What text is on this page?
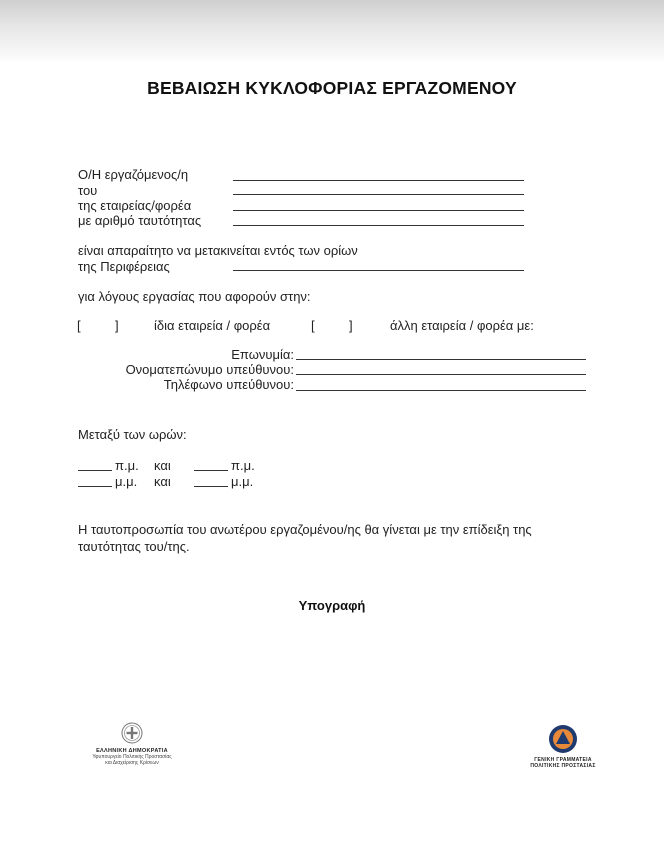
ΒΕΒΑΙΩΣΗ ΚΥΚΛΟΦΟΡΙΑΣ ΕΡΓΑΖΟΜΕΝΟΥ
Ο/Η εργαζόμενος/η
του
της εταιρείας/φορέα
με αριθμό ταυτότητας
είναι απαραίτητο να μετακινείται εντός των ορίων
της Περιφέρειας
για λόγους εργασίας που αφορούν στην:
[	]	ίδια εταιρεία / φορέα	[	]	άλλη εταιρεία / φορέα με:
Επωνυμία:
Ονοματεπώνυμο υπεύθυνου:
Τηλέφωνο υπεύθυνου:
Μεταξύ των ωρών:
π.μ. και	π.μ.
μ.μ. και	μ.μ.
Η ταυτοπροσωπία του ανωτέρου εργαζομένου/ης θα γίνεται με την επίδειξη της
ταυτότητας του/της.
Υπογραφή
ΕΛΛΗΝΙΚΗ ΔΗΜΟΚΡΑΤΙΑ
Υφυπουργείο Πολιτικής Προστασίας
και Διαχείρισης Κρίσεων	ΓΕΝΙΚΗ ΓΡΑΜΜΑΤΕΙΑ
ΠΟΛΙΤΙΚΗΣ ΠΡΟΣΤΑΣΙΑΣ
